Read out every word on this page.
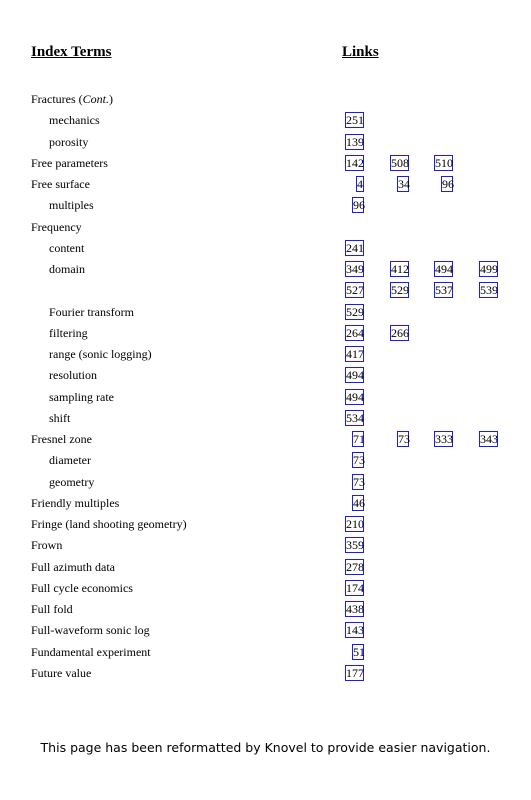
Index Terms	Links
Fractures (Cont.)
mechanics	251
porosity	139
Free parameters	142 508 510
Free surface	4	34	96
multiples	96
Frequency
content	241
domain	349 412 494 499
527 529 537 539
Fourier transform	529
filtering	264 266
range (sonic logging)	417
resolution	494
sampling rate	494
shift	534
Fresnel zone	71	73 333 343
diameter	73
geometry	73
Friendly multiples	46
Fringe (land shooting geometry)	210
Frown	359
Full azimuth data	278
Full cycle economics	174
Full fold	438
Full-waveform sonic log	143
Fundamental experiment	51
Future value	177
This page has been reformatted by Knovel to provide easier navigation.
